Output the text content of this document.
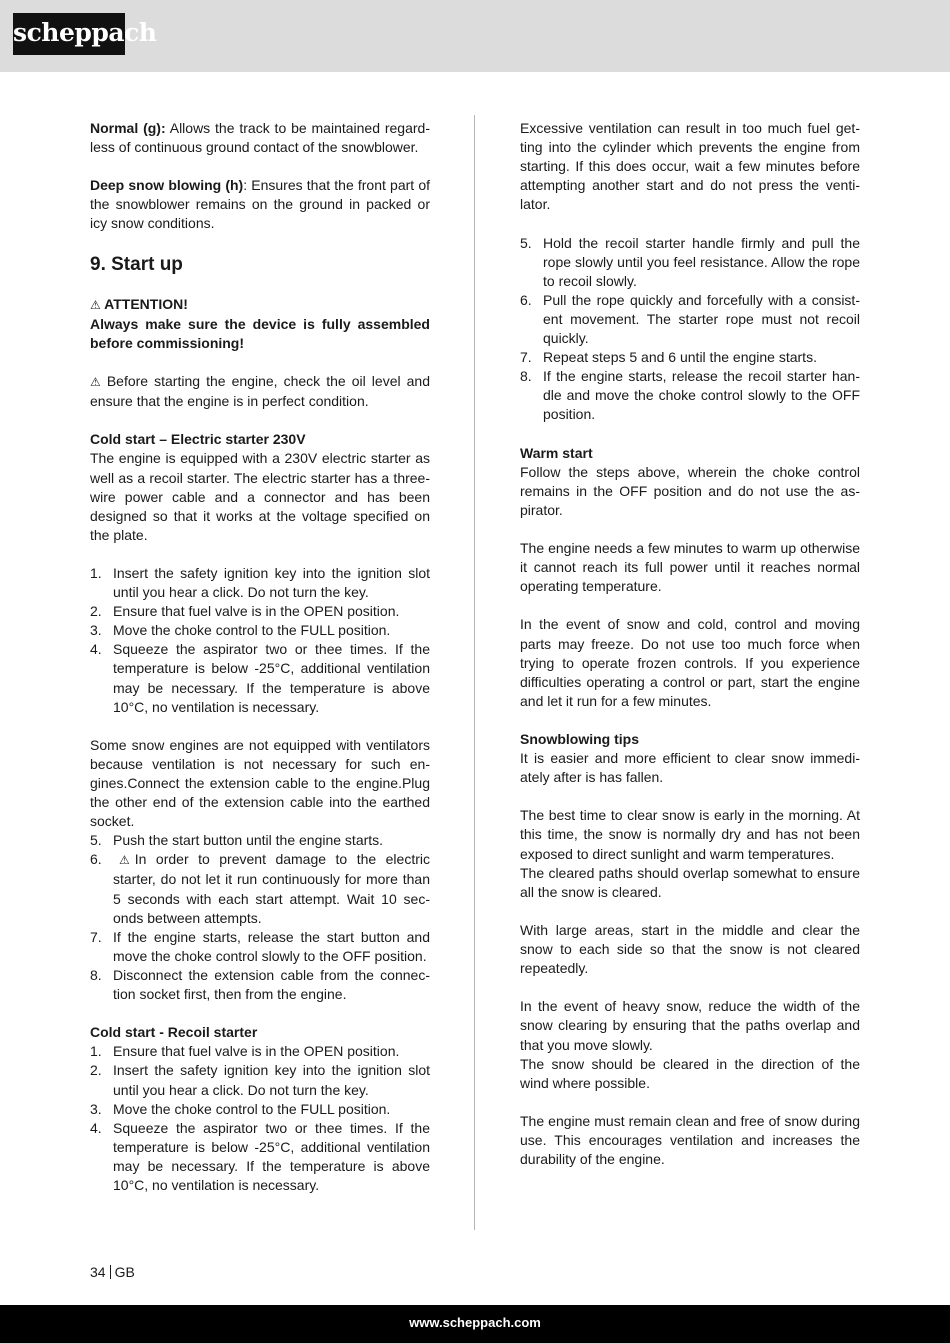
scheppach

Normal (g): Allows the track to be maintained regardless of continuous ground contact of the snowblower.

Deep snow blowing (h): Ensures that the front part of the snowblower remains on the ground in packed or icy snow conditions.

9. Start up

⚠ ATTENTION!

Always make sure the device is fully assembled before commissioning!

⚠ Before starting the engine, check the oil level and ensure that the engine is in perfect condition.

Cold start – Electric starter 230V

The engine is equipped with a 230V electric starter as well as a recoil starter. The electric starter has a three-wire power cable and a connector and has been designed so that it works at the voltage specified on the plate.

1. Insert the safety ignition key into the ignition slot until you hear a click. Do not turn the key.
2. Ensure that fuel valve is in the OPEN position.
3. Move the choke control to the FULL position.
4. Squeeze the aspirator two or thee times. If the temperature is below -25°C, additional ventilation may be necessary. If the temperature is above 10°C, no ventilation is necessary.

Some snow engines are not equipped with ventilators because ventilation is not necessary for such engines.Connect the extension cable to the engine.Plug the other end of the extension cable into the earthed socket.

5. Push the start button until the engine starts.
6. ⚠ In order to prevent damage to the electric starter, do not let it run continuously for more than 5 seconds with each start attempt. Wait 10 seconds between attempts.
7. If the engine starts, release the start button and move the choke control slowly to the OFF position.
8. Disconnect the extension cable from the connection socket first, then from the engine.
Cold start - Recoil starter
1. Ensure that fuel valve is in the OPEN position.
2. Insert the safety ignition key into the ignition slot until you hear a click. Do not turn the key.
3. Move the choke control to the FULL position.
4. Squeeze the aspirator two or thee times. If the temperature is below -25°C, additional ventilation may be necessary. If the temperature is above 10°C, no ventilation is necessary.

Excessive ventilation can result in too much fuel getting into the cylinder which prevents the engine from starting. If this does occur, wait a few minutes before attempting another start and do not press the ventilator.

5. Hold the recoil starter handle firmly and pull the rope slowly until you feel resistance. Allow the rope to recoil slowly.
6. Pull the rope quickly and forcefully with a consistent movement. The starter rope must not recoil quickly.
7. Repeat steps 5 and 6 until the engine starts.
8. If the engine starts, release the recoil starter handle and move the choke control slowly to the OFF position.
Warm start

Follow the steps above, wherein the choke control remains in the OFF position and do not use the aspirator.

The engine needs a few minutes to warm up otherwise it cannot reach its full power until it reaches normal operating temperature.

In the event of snow and cold, control and moving parts may freeze. Do not use too much force when trying to operate frozen controls. If you experience difficulties operating a control or part, start the engine and let it run for a few minutes.

Snowblowing tips

It is easier and more efficient to clear snow immediately after is has fallen.

The best time to clear snow is early in the morning. At this time, the snow is normally dry and has not been exposed to direct sunlight and warm temperatures.

The cleared paths should overlap somewhat to ensure all the snow is cleared.

With large areas, start in the middle and clear the snow to each side so that the snow is not cleared repeatedly.

In the event of heavy snow, reduce the width of the snow clearing by ensuring that the paths overlap and that you move slowly.

The snow should be cleared in the direction of the wind where possible.

The engine must remain clean and free of snow during use. This encourages ventilation and increases the durability of the engine.

34 GB
www.scheppach.com
